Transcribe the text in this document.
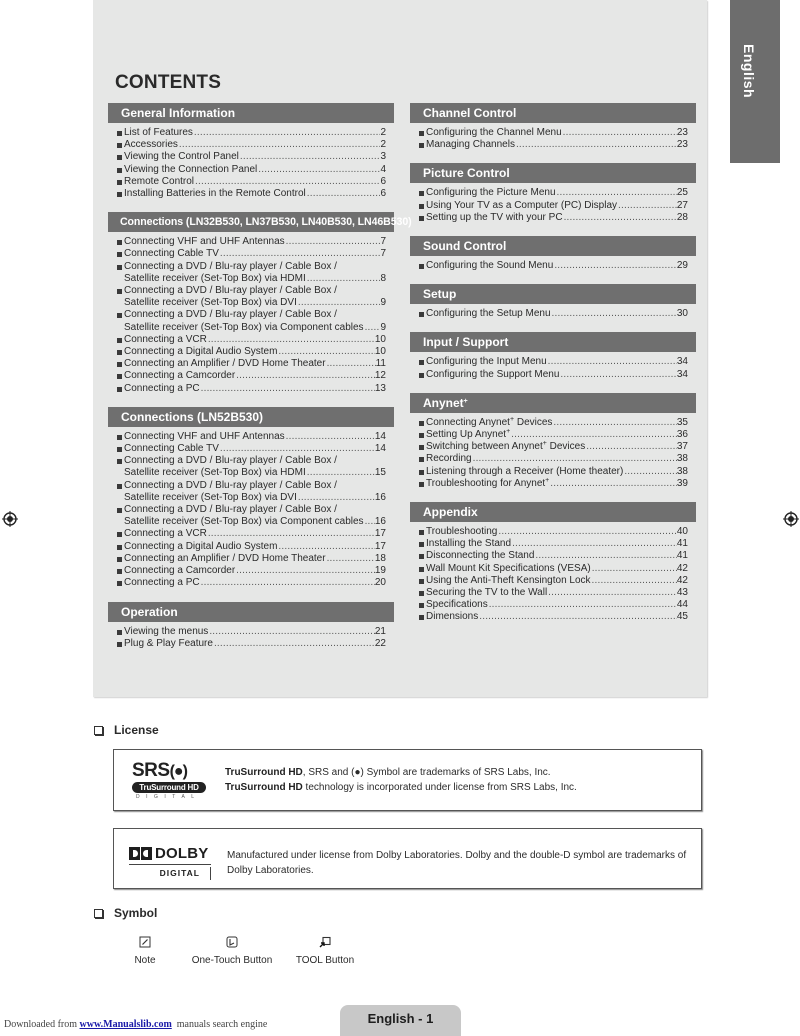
CONTENTS	English
General Information
List of Features .....	2
Accessories .....	2
Viewing the Control Panel .....	3
Viewing the Connection Panel .....	4
Remote Control .....	6
Installing Batteries in the Remote Control .....	6
Connections (LN32B530, LN37B530, LN40B530, LN46B530)
Connecting VHF and UHF Antennas .....	7
Connecting Cable TV .....	7
Connecting a DVD / Blu-ray player / Cable Box /
Satellite receiver (Set-Top Box) via HDMI .....	8
Connecting a DVD / Blu-ray player / Cable Box /
Satellite receiver (Set-Top Box) via DVI .....	9
Connecting a DVD / Blu-ray player / Cable Box /
Satellite receiver (Set-Top Box) via Component cables ..... 9
Connecting a VCR .....	10
Connecting a Digital Audio System .....	10
Connecting an Amplifier / DVD Home Theater .....	11
Connecting a Camcorder .....	12
Connecting a PC .....	13
Connections (LN52B530)
Connecting VHF and UHF Antennas .....	14
Connecting Cable TV .....	14
Connecting a DVD / Blu-ray player / Cable Box /
Satellite receiver (Set-Top Box) via HDMI .....	15
Connecting a DVD / Blu-ray player / Cable Box /
Satellite receiver (Set-Top Box) via DVI .....	16
Connecting a DVD / Blu-ray player / Cable Box /
Satellite receiver (Set-Top Box) via Component cables ..... 16
Connecting a VCR .....	17
Connecting a Digital Audio System .....	17
Connecting an Amplifier / DVD Home Theater .....	18
Connecting a Camcorder .....	19
Connecting a PC .....	20
Operation
Viewing the menus .....	21
Plug & Play Feature .....	22
Channel Control
Configuring the Channel Menu .....	23
Managing Channels .....	23
Picture Control
Configuring the Picture Menu .....	25
Using Your TV as a Computer (PC) Display .....	27
Setting up the TV with your PC .....	28
Sound Control
Configuring the Sound Menu .....	29
Setup
Configuring the Setup Menu .....	30
Input / Support
Configuring the Input Menu .....	34
Configuring the Support Menu .....	34
Anynet+
Connecting Anynet+ Devices .....	35
Setting Up Anynet+ .....	36
Switching between Anynet+ Devices .....	37
Recording .....	38
Listening through a Receiver (Home theater) .....	38
Troubleshooting for Anynet+ .....	39
Appendix
Troubleshooting .....	40
Installing the Stand .....	41
Disconnecting the Stand .....	41
Wall Mount Kit Specifications (VESA) .....	42
Using the Anti-Theft Kensington Lock .....	42
Securing the TV to the Wall .....	43
Specifications .....	44
Dimensions .....	45
License
SRS(●)
TruSurround HD
DIGITAL
TruSurround HD, SRS and (●) Symbol are trademarks of SRS Labs, Inc.
TruSurround HD technology is incorporated under license from SRS Labs, Inc.
DOLBY
DIGITAL
Manufactured under license from Dolby Laboratories. Dolby and the double-D symbol are trademarks of Dolby Laboratories.
Symbol
Note	One-Touch Button	TOOL Button
Downloaded from www.Manualslib.com  manuals search engine	English - 1
